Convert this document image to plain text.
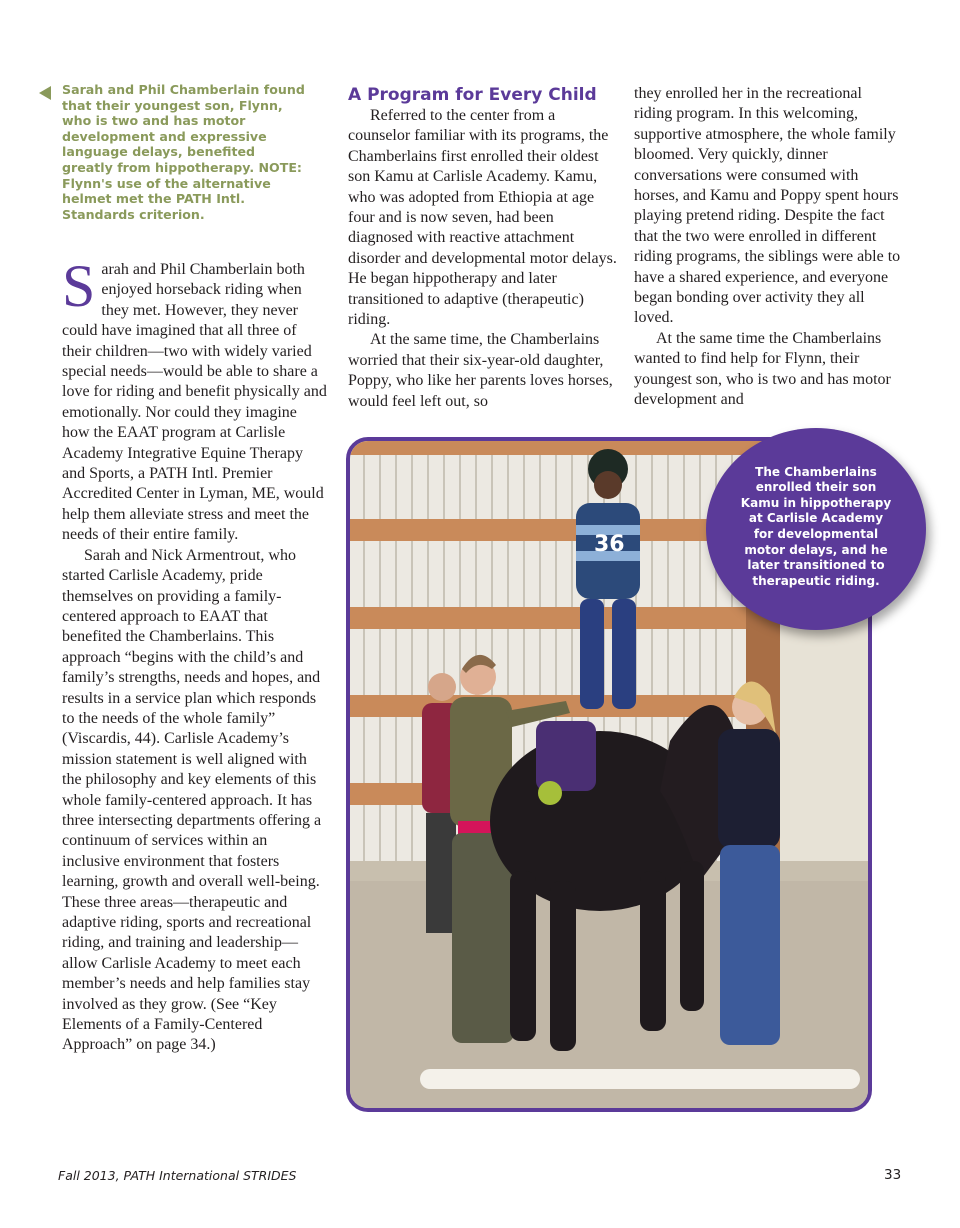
Sarah and Phil Chamberlain found that their youngest son, Flynn, who is two and has motor development and expressive language delays, benefited greatly from hippotherapy. NOTE: Flynn's use of the alternative helmet met the PATH Intl. Standards criterion.

Sarah and Phil Chamberlain both enjoyed horseback riding when they met. However, they never could have imagined that all three of their children—two with widely varied special needs—would be able to share a love for riding and benefit physically and emotionally. Nor could they imagine how the EAAT program at Carlisle Academy Integrative Equine Therapy and Sports, a PATH Intl. Premier Accredited Center in Lyman, ME, would help them alleviate stress and meet the needs of their entire family.

Sarah and Nick Armentrout, who started Carlisle Academy, pride themselves on providing a family-centered approach to EAAT that benefited the Chamberlains. This approach “begins with the child’s and family’s strengths, needs and hopes, and results in a service plan which responds to the needs of the whole family” (Viscardis, 44). Carlisle Academy’s mission statement is well aligned with the philosophy and key elements of this whole family-centered approach. It has three intersecting departments offering a continuum of services within an inclusive environment that fosters learning, growth and overall well-being. These three areas—therapeutic and adaptive riding, sports and recreational riding, and training and leadership—allow Carlisle Academy to meet each member’s needs and help families stay involved as they grow. (See “Key Elements of a Family-Centered Approach” on page 34.)

A Program for Every Child

Referred to the center from a counselor familiar with its programs, the Chamberlains first enrolled their oldest son Kamu at Carlisle Academy. Kamu, who was adopted from Ethiopia at age four and is now seven, had been diagnosed with reactive attachment disorder and developmental motor delays. He began hippotherapy and later transitioned to adaptive (therapeutic) riding.

At the same time, the Chamberlains worried that their six-year-old daughter, Poppy, who like her parents loves horses, would feel left out, so

they enrolled her in the recreational riding program. In this welcoming, supportive atmosphere, the whole family bloomed. Very quickly, dinner conversations were consumed with horses, and Kamu and Poppy spent hours playing pretend riding. Despite the fact that the two were enrolled in different riding programs, the siblings were able to have a shared experience, and everyone began bonding over activity they all loved.

At the same time the Chamberlains wanted to find help for Flynn, their youngest son, who is two and has motor development and

36
The Chamberlains enrolled their son Kamu in hippotherapy at Carlisle Academy for developmental motor delays, and he later transitioned to therapeutic riding.
Fall 2013, PATH International STRIDES	33
